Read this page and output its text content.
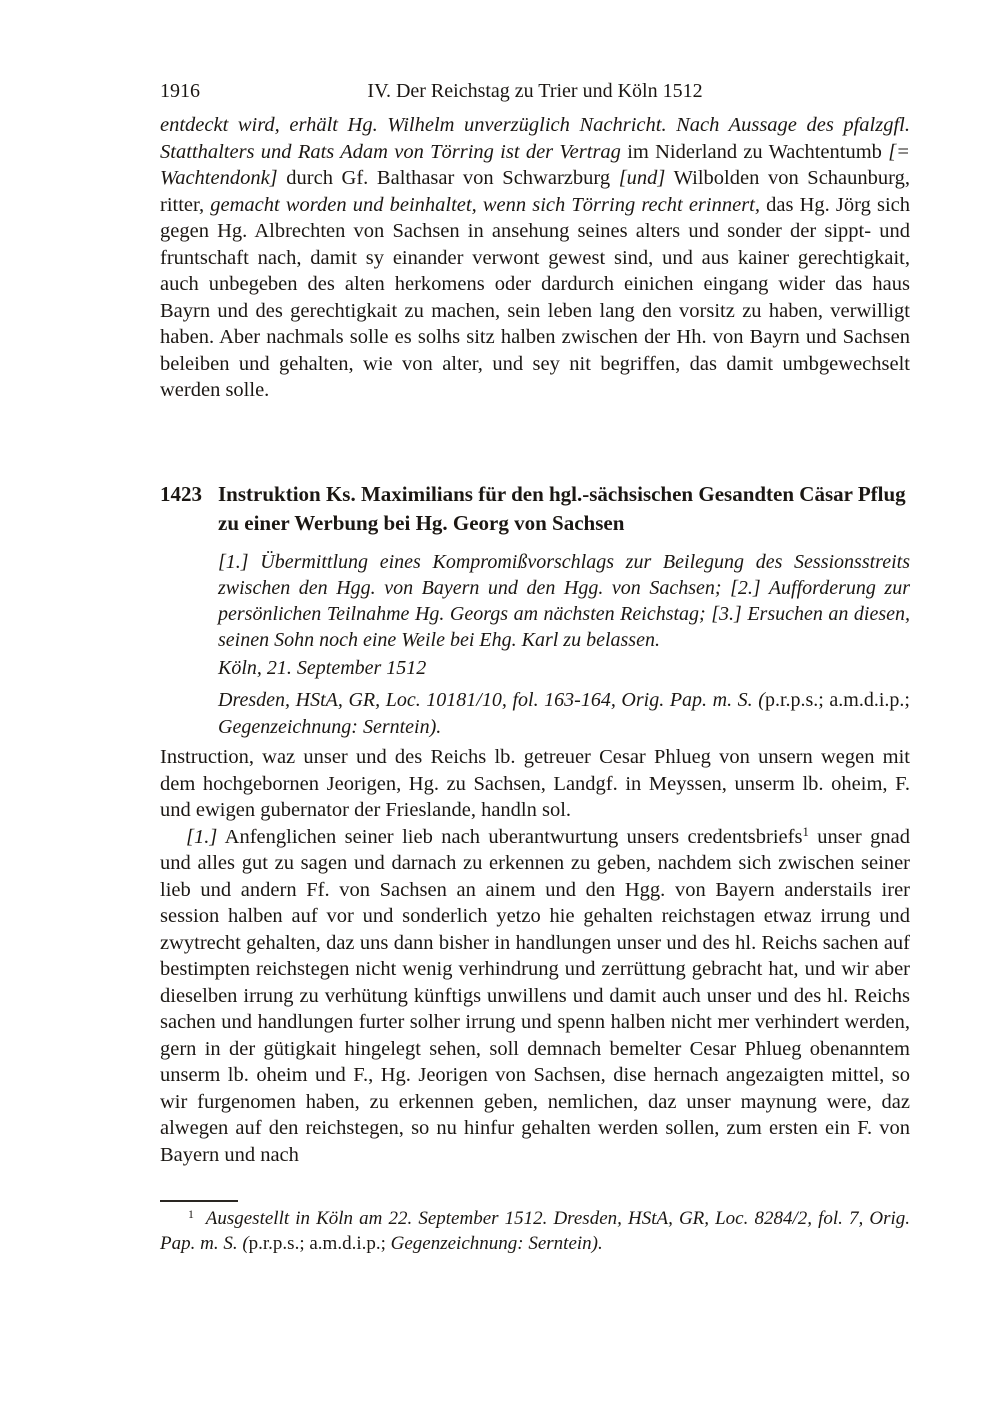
1916	IV. Der Reichstag zu Trier und Köln 1512

entdeckt wird, erhält Hg. Wilhelm unverzüglich Nachricht. Nach Aussage des pfalzgfl. Statthalters und Rats Adam von Törring ist der Vertrag im Niderland zu Wachtentumb [= Wachtendonk] durch Gf. Balthasar von Schwarzburg [und] Wilbolden von Schaunburg, ritter, gemacht worden und beinhaltet, wenn sich Törring recht erinnert, das Hg. Jörg sich gegen Hg. Albrechten von Sachsen in ansehung seines alters und sonder der sippt- und fruntschaft nach, damit sy einander verwont gewest sind, und aus kainer gerechtigkait, auch unbegeben des alten herkomens oder dardurch einichen eingang wider das haus Bayrn und des gerechtigkait zu machen, sein leben lang den vorsitz zu haben, verwilligt haben. Aber nachmals solle es solhs sitz halben zwischen der Hh. von Bayrn und Sachsen beleiben und gehalten, wie von alter, und sey nit begriffen, das damit umbgewechselt werden solle.

1423 Instruktion Ks. Maximilians für den hgl.-sächsischen Gesandten Cäsar Pflug zu einer Werbung bei Hg. Georg von Sachsen

[1.] Übermittlung eines Kompromißvorschlags zur Beilegung des Sessionsstreits zwischen den Hgg. von Bayern und den Hgg. von Sachsen; [2.] Aufforderung zur persönlichen Teilnahme Hg. Georgs am nächsten Reichstag; [3.] Ersuchen an diesen, seinen Sohn noch eine Weile bei Ehg. Karl zu belassen.

Köln, 21. September 1512

Dresden, HStA, GR, Loc. 10181/10, fol. 163-164, Orig. Pap. m. S. (p.r.p.s.; a.m.d.i.p.; Gegenzeichnung: Serntein).

Instruction, waz unser und des Reichs lb. getreuer Cesar Phlueg von unsern wegen mit dem hochgebornen Jeorigen, Hg. zu Sachsen, Landgf. in Meyssen, unserm lb. oheim, F. und ewigen gubernator der Frieslande, handln sol.

[1.] Anfenglichen seiner lieb nach uberantwurtung unsers credentsbriefs$^1$ unser gnad und alles gut zu sagen und darnach zu erkennen zu geben, nachdem sich zwischen seiner lieb und andern Ff. von Sachsen an ainem und den Hgg. von Bayern anderstails irer session halben auf vor und sonderlich yetzo hie gehalten reichstagen etwaz irrung und zwytrecht gehalten, daz uns dann bisher in handlungen unser und des hl. Reichs sachen auf bestimpten reichstegen nicht wenig verhindrung und zerrüttung gebracht hat, und wir aber dieselben irrung zu verhütung künftigs unwillens und damit auch unser und des hl. Reichs sachen und handlungen furter solher irrung und spenn halben nicht mer verhindert werden, gern in der gütigkait hingelegt sehen, soll demnach bemelter Cesar Phlueg obenanntem unserm lb. oheim und F., Hg. Jeorigen von Sachsen, dise hernach angezaigten mittel, so wir furgenomen haben, zu erkennen geben, nemlichen, daz unser maynung were, daz alwegen auf den reichstegen, so nu hinfur gehalten werden sollen, zum ersten ein F. von Bayern und nach

$^1$  Ausgestellt in Köln am 22. September 1512. Dresden, HStA, GR, Loc. 8284/2, fol. 7, Orig. Pap. m. S. (p.r.p.s.; a.m.d.i.p.; Gegenzeichnung: Serntein).
